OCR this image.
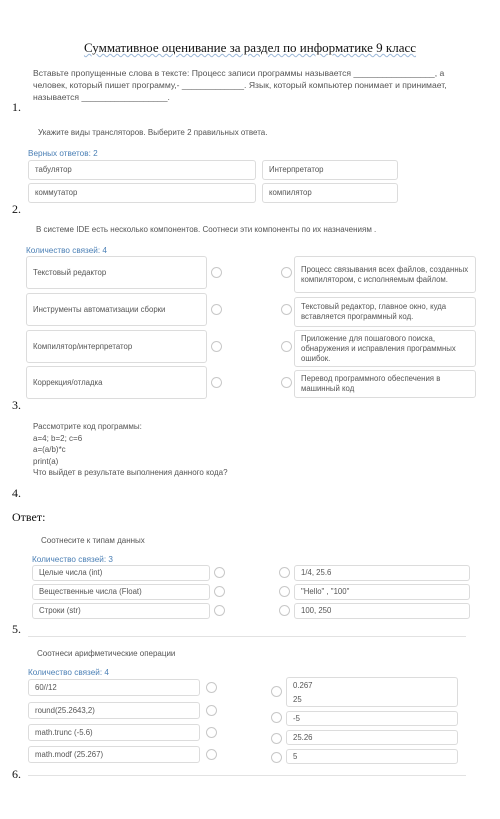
Суммативное оценивание за раздел по информатике 9 класс
Вставьте пропущенные слова в тексте: Процесс записи программы называется _________________, а
человек, который пишет программу,- _____________. Язык, который компьютер понимает и принимает,
называется __________________.
1.
Укажите виды трансляторов. Выберите 2 правильных ответа.
Верных ответов: 2
табулятор	Интерпретатор
коммутатор	компилятор
2.
В системе IDE есть несколько компонентов. Соотнеси эти компоненты по их назначениям .
Количество связей: 4
Текстовый редактор
Инструменты автоматизации сборки
Компилятор/интерпретатор
Коррекция/отладка
Процесс связывания всех файлов, созданных компилятором, с исполняемым файлом.
Текстовый редактор, главное окно, куда вставляется программный код.
Приложение для пошагового поиска, обнаружения и исправления программных ошибок.
Перевод программного обеспечения в машинный код
3.
Рассмотрите код программы:
a=4; b=2; c=6
a=(a/b)*c
print(a)
Что выйдет в результате выполнения данного кода?
4.
Ответ:
Соотнесите к типам данных
Количество связей: 3
Целые числа (int)
Вещественные числа (Float)
Строки (str)
1/4, 25.6
"Hello" , "100"
100, 250
5.
Соотнеси арифметические операции
Количество связей: 4
60//12
round(25.2643,2)
math.trunc (-5.6)
math.modf (25.267)
0.267
25
-5
25.26
5
6.
